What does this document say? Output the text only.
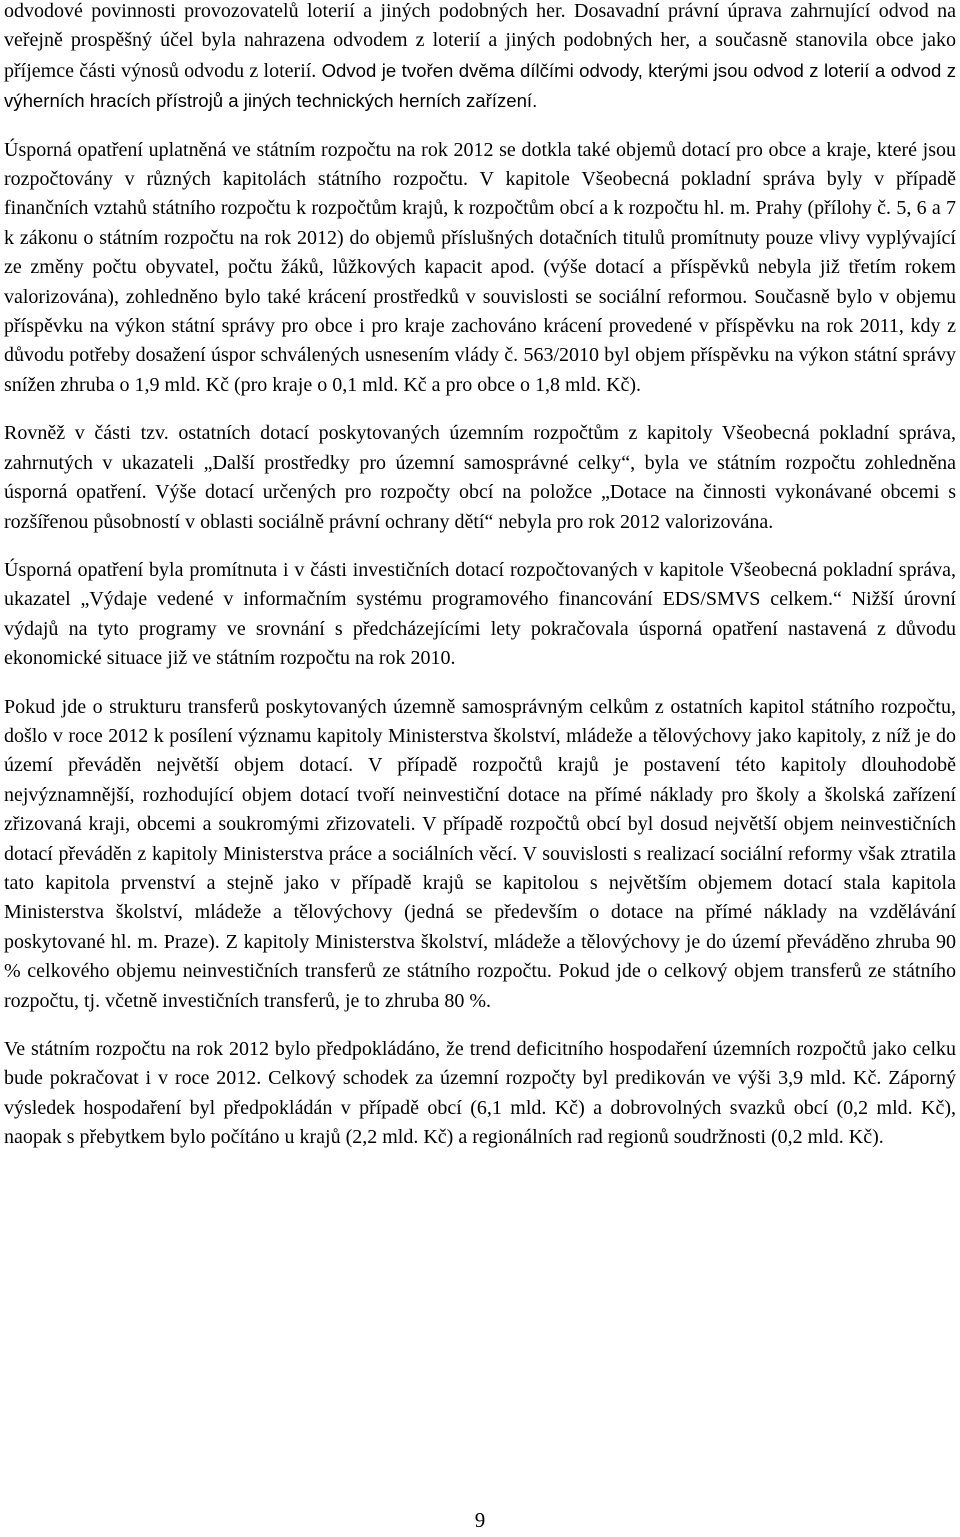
odvodové povinnosti provozovatelů loterií a jiných podobných her. Dosavadní právní úprava zahrnující odvod na veřejně prospěšný účel byla nahrazena odvodem z loterií a jiných podobných her, a současně stanovila obce jako příjemce části výnosů odvodu z loterií. Odvod je tvořen dvěma dílčími odvody, kterými jsou odvod z loterií a odvod z výherních hracích přístrojů a jiných technických herních zařízení.

Úsporná opatření uplatněná ve státním rozpočtu na rok 2012 se dotkla také objemů dotací pro obce a kraje, které jsou rozpočtovány v různých kapitolách státního rozpočtu. V kapitole Všeobecná pokladní správa byly v případě finančních vztahů státního rozpočtu k rozpočtům krajů, k rozpočtům obcí a k rozpočtu hl. m. Prahy (přílohy č. 5, 6 a 7 k zákonu o státním rozpočtu na rok 2012) do objemů příslušných dotačních titulů promítnuty pouze vlivy vyplývající ze změny počtu obyvatel, počtu žáků, lůžkových kapacit apod. (výše dotací a příspěvků nebyla již třetím rokem valorizována), zohledněno bylo také krácení prostředků v souvislosti se sociální reformou. Současně bylo v objemu příspěvku na výkon státní správy pro obce i pro kraje zachováno krácení provedené v příspěvku na rok 2011, kdy z důvodu potřeby dosažení úspor schválených usnesením vlády č. 563/2010 byl objem příspěvku na výkon státní správy snížen zhruba o 1,9 mld. Kč (pro kraje o 0,1 mld. Kč a pro obce o 1,8 mld. Kč).

Rovněž v části tzv. ostatních dotací poskytovaných územním rozpočtům z kapitoly Všeobecná pokladní správa, zahrnutých v ukazateli „Další prostředky pro územní samosprávné celky“, byla ve státním rozpočtu zohledněna úsporná opatření. Výše dotací určených pro rozpočty obcí na položce „Dotace na činnosti vykonávané obcemi s rozšířenou působností v oblasti sociálně právní ochrany dětí“ nebyla pro rok 2012 valorizována.

Úsporná opatření byla promítnuta i v části investičních dotací rozpočtovaných v kapitole Všeobecná pokladní správa, ukazatel „Výdaje vedené v informačním systému programového financování EDS/SMVS celkem.“ Nižší úrovní výdajů na tyto programy ve srovnání s předcházejícími lety pokračovala úsporná opatření nastavená z důvodu ekonomické situace již ve státním rozpočtu na rok 2010.

Pokud jde o strukturu transferů poskytovaných územně samosprávným celkům z ostatních kapitol státního rozpočtu, došlo v roce 2012 k posílení významu kapitoly Ministerstva školství, mládeže a tělovýchovy jako kapitoly, z níž je do území převáděn největší objem dotací. V případě rozpočtů krajů je postavení této kapitoly dlouhodobě nejvýznamnější, rozhodující objem dotací tvoří neinvestiční dotace na přímé náklady pro školy a školská zařízení zřizovaná kraji, obcemi a soukromými zřizovateli. V případě rozpočtů obcí byl dosud největší objem neinvestičních dotací převáděn z kapitoly Ministerstva práce a sociálních věcí. V souvislosti s realizací sociální reformy však ztratila tato kapitola prvenství a stejně jako v případě krajů se kapitolou s největším objemem dotací stala kapitola Ministerstva školství, mládeže a tělovýchovy (jedná se především o dotace na přímé náklady na vzdělávání poskytované hl. m. Praze). Z kapitoly Ministerstva školství, mládeže a tělovýchovy je do území převáděno zhruba 90 % celkového objemu neinvestičních transferů ze státního rozpočtu. Pokud jde o celkový objem transferů ze státního rozpočtu, tj. včetně investičních transferů, je to zhruba 80 %.

Ve státním rozpočtu na rok 2012 bylo předpokládáno, že trend deficitního hospodaření územních rozpočtů jako celku bude pokračovat i v roce 2012. Celkový schodek za územní rozpočty byl predikován ve výši 3,9 mld. Kč. Záporný výsledek hospodaření byl předpokládán v případě obcí (6,1 mld. Kč) a dobrovolných svazků obcí (0,2 mld. Kč), naopak s přebytkem bylo počítáno u krajů (2,2 mld. Kč) a regionálních rad regionů soudržnosti (0,2 mld. Kč).

9
